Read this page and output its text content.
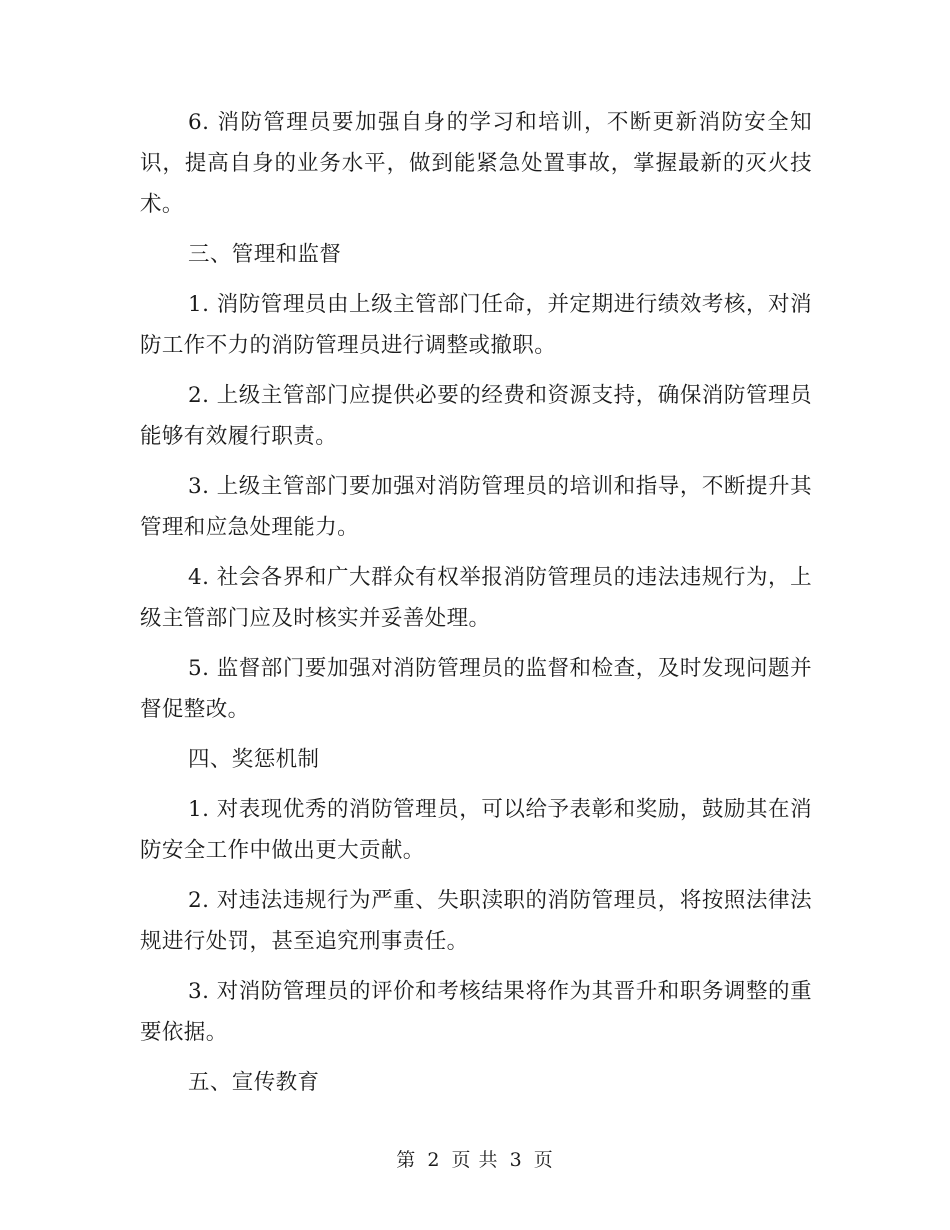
6. 消防管理员要加强自身的学习和培训，不断更新消防安全知识，提高自身的业务水平，做到能紧急处置事故，掌握最新的灭火技术。

三、管理和监督

1. 消防管理员由上级主管部门任命，并定期进行绩效考核，对消防工作不力的消防管理员进行调整或撤职。

2. 上级主管部门应提供必要的经费和资源支持，确保消防管理员能够有效履行职责。

3. 上级主管部门要加强对消防管理员的培训和指导，不断提升其管理和应急处理能力。

4. 社会各界和广大群众有权举报消防管理员的违法违规行为，上级主管部门应及时核实并妥善处理。

5. 监督部门要加强对消防管理员的监督和检查，及时发现问题并督促整改。

四、奖惩机制

1. 对表现优秀的消防管理员，可以给予表彰和奖励，鼓励其在消防安全工作中做出更大贡献。

2. 对违法违规行为严重、失职渎职的消防管理员，将按照法律法规进行处罚，甚至追究刑事责任。

3. 对消防管理员的评价和考核结果将作为其晋升和职务调整的重要依据。

五、宣传教育

第 2 页 共 3 页
